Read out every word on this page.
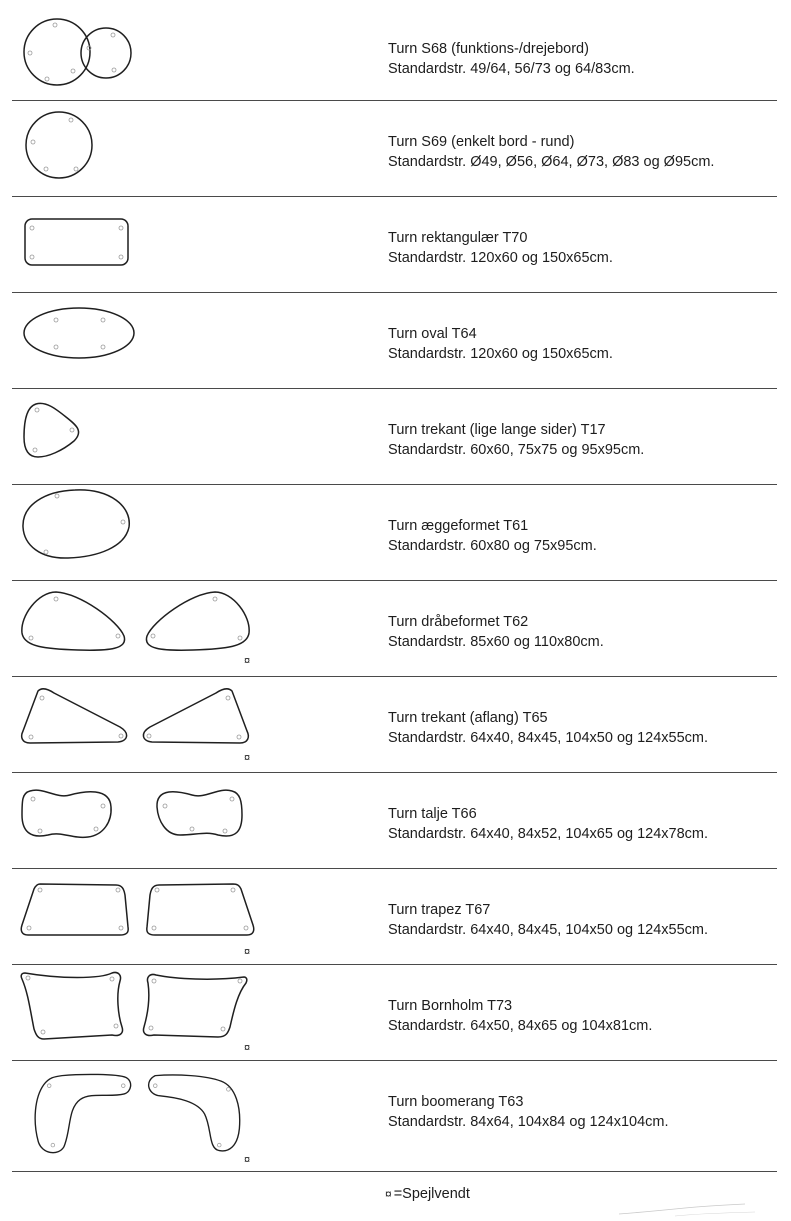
Turn S68 (funktions-/drejebord)
Standardstr. 49/64, 56/73 og 64/83cm.
Turn S69 (enkelt bord - rund)
Standardstr. Ø49, Ø56, Ø64, Ø73, Ø83 og Ø95cm.
Turn rektangulær T70
Standardstr. 120x60 og 150x65cm.
Turn oval T64
Standardstr. 120x60 og 150x65cm.
Turn trekant (lige lange sider) T17
Standardstr. 60x60, 75x75 og 95x95cm.
Turn æggeformet T61
Standardstr. 60x80 og 75x95cm.
¤
Turn dråbeformet T62
Standardstr. 85x60 og 110x80cm.
¤
Turn trekant (aflang) T65
Standardstr. 64x40, 84x45, 104x50 og 124x55cm.
Turn talje T66
Standardstr. 64x40, 84x52, 104x65 og 124x78cm.
¤
Turn trapez T67
Standardstr. 64x40, 84x45, 104x50 og 124x55cm.
¤
Turn Bornholm T73
Standardstr. 64x50, 84x65 og 104x81cm.
¤
Turn boomerang T63
Standardstr. 84x64, 104x84 og 124x104cm.
¤ =Spejlvendt
